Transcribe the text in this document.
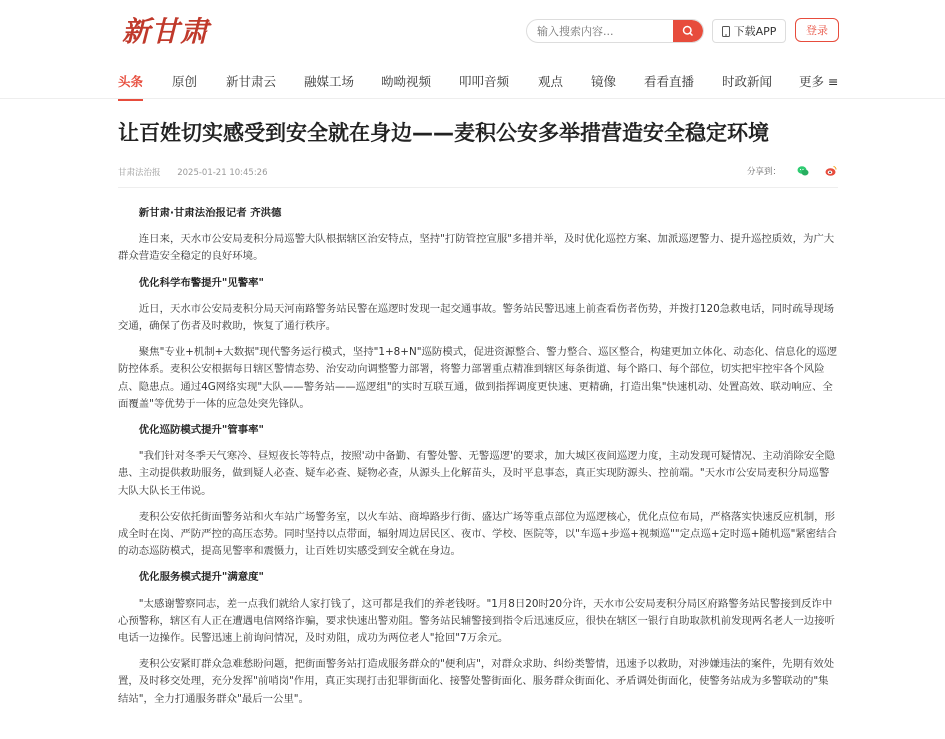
新甘肃
输入搜索内容...	下载APP	登录
头条 原创 新甘肃云 融媒工场 呦呦视频 叩叩音频 观点 镜像 看看直播 时政新闻 更多 ≡
让百姓切实感受到安全就在身边——麦积公安多举措营造安全稳定环境
甘肃法治报 2025-01-21 10:45:26	分享到：

新甘肃·甘肃法治报记者 齐洪德

连日来，天水市公安局麦积分局巡警大队根据辖区治安特点，坚持"打防管控宣服"多措并举，及时优化巡控方案、加派巡逻警力、提升巡控质效，为广大群众营造安全稳定的良好环境。

优化科学布警提升"见警率"

近日，天水市公安局麦积分局天河南路警务站民警在巡逻时发现一起交通事故。警务站民警迅速上前查看伤者伤势，并拨打120急救电话，同时疏导现场交通，确保了伤者及时救助，恢复了通行秩序。

聚焦"专业+机制+大数据"现代警务运行模式，坚持"1+8+N"巡防模式，促进资源整合、警力整合、巡区整合，构建更加立体化、动态化、信息化的巡逻防控体系。麦积公安根据每日辖区警情态势、治安动向调整警力部署，将警力部署重点精准到辖区每条街道、每个路口、每个部位，切实把牢控牢各个风险点、隐患点。通过4G网络实现"大队——警务站——巡逻组"的实时互联互通，做到指挥调度更快速、更精确，打造出集"快速机动、处置高效、联动响应、全面覆盖"等优势于一体的应急处突先锋队。

优化巡防模式提升"管事率"

"我们针对冬季天气寒冷、昼短夜长等特点，按照'动中备勤、有警处警、无警巡逻'的要求，加大城区夜间巡逻力度，主动发现可疑情况、主动消除安全隐患、主动提供救助服务，做到疑人必查、疑车必查、疑物必查，从源头上化解苗头，及时平息事态，真正实现防源头、控前端。"天水市公安局麦积分局巡警大队大队长王伟说。

麦积公安依托街面警务站和火车站广场警务室，以火车站、商埠路步行街、盛达广场等重点部位为巡逻核心，优化点位布局，严格落实快速反应机制，形成全时在岗、严防严控的高压态势。同时坚持以点带面，辐射周边居民区、夜市、学校、医院等，以"车巡+步巡+视频巡""定点巡+定时巡+随机巡"紧密结合的动态巡防模式，提高见警率和震慑力，让百姓切实感受到安全就在身边。

优化服务模式提升"满意度"

"太感谢警察同志，差一点我们就给人家打钱了，这可都是我们的养老钱呀。"1月8日20时20分许，天水市公安局麦积分局区府路警务站民警接到反诈中心预警称，辖区有人正在遭遇电信网络诈骗，要求快速出警劝阻。警务站民辅警接到指令后迅速反应，很快在辖区一银行自助取款机前发现两名老人一边接听电话一边操作。民警迅速上前询问情况，及时劝阻，成功为两位老人"抢回"7万余元。

麦积公安紧盯群众急难愁盼问题，把街面警务站打造成服务群众的"便利店"，对群众求助、纠纷类警情，迅速予以救助，对涉嫌违法的案件，先期有效处置，及时移交处理，充分发挥"前哨岗"作用，真正实现打击犯罪街面化、接警处警街面化、服务群众街面化、矛盾调处街面化，使警务站成为多警联动的"集结站"，全力打通服务群众"最后一公里"。
